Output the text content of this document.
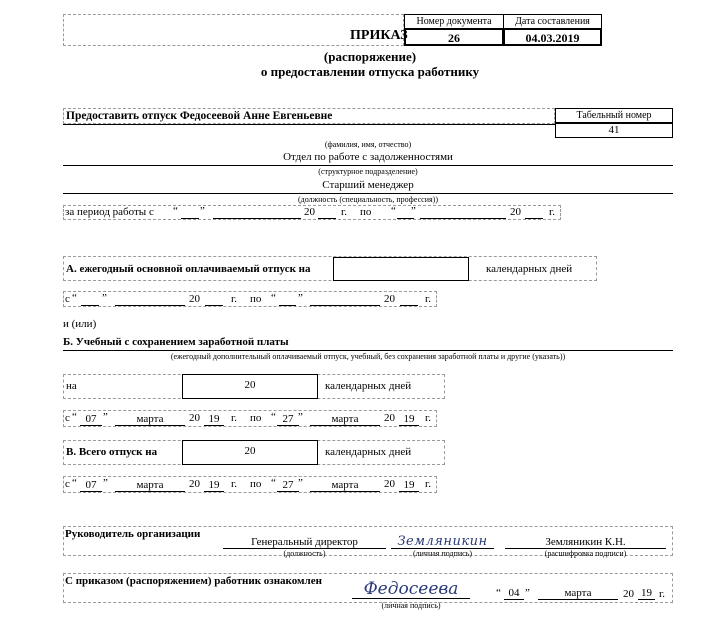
ПРИКАЗ
Номер документа	Дата составления
26	04.03.2019
(распоряжение)
о предоставлении отпуска работнику
Предоставить отпуск Федосеевой Анне Евгеньевне	Табельный номер
41
(фамилия, имя, отчество)
Отдел по работе с задолженностями
(структурное подразделение)
Старший менеджер
(должность (специальность, профессия))
за период работы с “ ”	20 г. по “ ”	20	г.
А. ежегодный основной оплачиваемый отпуск на	календарных дней
с “ ”	20	г. по “ ”	20	г.
и (или)
Б. Учебный с сохранением заработной платы
(ежегодный дополнительный оплачиваемый отпуск, учебный, без сохранения заработной платы и другие (указать))
на	20	календарных дней
с “ 07 ”	марта	20 19	г. по “ 27 ”	марта	20 19 г.
В. Всего отпуск на	20	календарных дней
с “ 07 ”	марта	20 19	г. по “ 27 ”	марта	20 19 г.
Руководитель организации
Генеральный директор
(должность)
Земляникин
(личная подпись)
Земляникин К.Н.
(расшифровка подписи)
С приказом (распоряжением) работник ознакомлен	Федосеева
(личная подпись)
“ 04 ”	марта	20 19 г.
